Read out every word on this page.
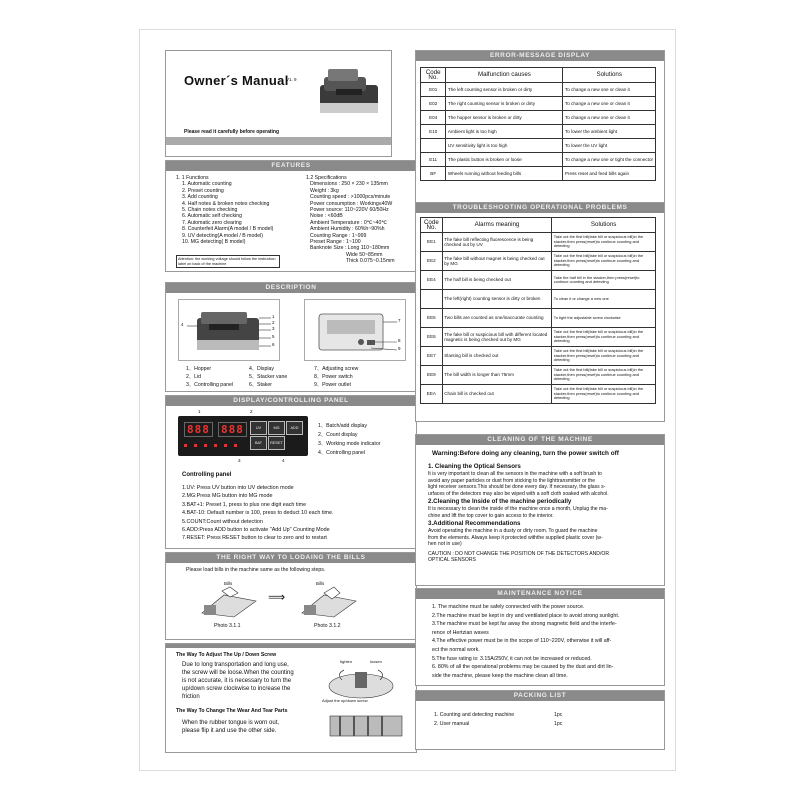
Owner´s Manual
V1. 9
Please read it carefully before operating
FEATURES
1. 1 Functions
1. Automatic counting
2. Preset counting
3. Add counting
4. Half notes & broken notes checking
5. Chain notes checking
6. Automatic self checking
7. Automatic zero clearing
8. Counterfeit Alarm(A model / B model)
9. UV detecting(A model / B model)
10. MG detecting( B model)
Attention: the working voltage should follow the instruction label on back of the machine
1.2 Specifications
Dimensions : 250 × 230 × 135mm
Weight : 3kg
Counting speed : >1000pcs/minute
Power consumption : Working≤40W
Power source: 110~220V 60/50Hz
Noise : <60dB
Ambient Temperature : 0℃~40℃
Ambient Humidity : 60%h~90%h
Counting Range : 1~999
Preset Range : 1~100
Banknote Size : Long 110~180mm
Wide 50~85mm
Thick 0.075~0.15mm
DESCRIPTION
4
1
2
3
5
6
7
8
9
1、Hopper	4、Display
2、Lid	5、Stacker vane
3、Controlling panel	6、Staker
7、Adjusting screw
8、Power switch
9、Power outlet
DISPLAY/CONTROLLING PANEL
888 888	UV	MG	ADD
BAT	RESET
1	2
3	4
1、Batch/add display
2、Count display
3、Working mode indicator
4、Controlling panel
Controlling panel
1.UV: Press UV button into UV detection mode
2.MG:Press MG button into MG mode
3.BAT+1: Preset 1, press to plus one digit each time
4.BAT-10: Default number is 100, press to deduct 10 each time.
5.COUNT:Count without detection
6.ADD:Press ADD button to activate "Add Up" Counting Mode
7.RESET: Press RESET button to clear to zero and to restart
THE RIGHT WAY TO LODAING THE BILLS
Please load bills in the machine same as the following steps.
Bills
⟹
Bills
Photo 3.1.1	Photo 3.1.2
The Way To Adjust The Up / Down Screw
Due to long transportation and long use,
the screw will be loose.When the counting
is not accurate, it is necessary to turn the
up/down screw clockwise to increase the
friction
tighten	loosen
Adjust the up/down screw
The Way To Change The Wear And Tear Parts
When the rubber tongue is worn out,
please flip it and use the other side.
ERROR-MESSAGE DISPLAY
Code No.	Malfunction causes	Solutions
E01	The left counting sensor is broken or dirty	To change a new one or clean it
E02	The right counting sensor is broken or dirty	To change a new one or clean it
E04	The hopper sensor is broken or dirty	To change a new one or clean it
E10	Ambient light is too high	To lower the ambient light
	UV sensitivity light is too high	To lower the UV light
E11	The plastic button is broken or loose	To change a new one or tight the connector
BF	Wheels running without feeding bills	Press reset and feed bills again
TROUBLESHOOTING OPERATIONAL PROBLEMS
Code No.	Alarms meaning	Solutions
EE1	The fake bill reflecting fluorescence is being checked out by UV	Take out the first bill(fake bill or suspicious bill)in the stacker,then press(reset)to continue counting and detecting
EE2	The fake bill without magnet is being checked out by MG	Take out the first bill(fake bill or suspicious bill)in the stacker,then press(reset)to continue counting and detecting
EE4	The half bill is being checked out	Take the half bill in the stacker,then press(reset)to continue counting and detecting
	The left(right) counting sensor is dirty or broken	To clean it or change a new one
EE5	Two bills are counted as one/inaccurate counting	To tight the adjustable screw clockwise
EE6	The fake bill or suspicious bill with different located magnetic is being checked out by MG	Take out the first bill(fake bill or suspicious bill)in the stacker,then press(reset)to continue counting and detecting
EE7	Slanting bill is checked out	Take out the first bill(fake bill or suspicious bill)in the stacker,then press(reset)to continue counting and detecting
EE9	The bill width is longer than 75mm	Take out the first bill(fake bill or suspicious bill)in the stacker,then press(reset)to continue counting and detecting
EEA	Chain bill is checked out	Take out the first bill(fake bill or suspicious bill)in the stacker,then press(reset)to continue counting and detecting
CLEANING OF THE MACHINE
Warning:Before doing any cleaning, turn the power switch off
1. Cleaning the Optical Sensors
It is very important to clean all the sensors in the machine with a soft brush to
avoid any paper particles or dust from sticking to the lighttransmitter or the
light receiver sensors.This should be done every day. If necessary, the glass s-
urfaces of the detectors may also be wiped with a soft cloth soaked with alcohol.
2.Cleaning the Inside of the machine periodically
It is necessary to clean the inside of the machine once a month, Unplug the ma-
chine and lift the top cover to gain access to the interior.
3.Additional Recommendations
Avoid operating the machine in a dusty or dirty room. To guard the machine
from the elements. Always keep it protected withthe supplied plastic cover (w-
hen not in use)
CAUTION : DO NOT CHANGE THE POSITION OF THE DETECTORS AND/OR OPTICAL SENSORS
MAINTENANCE NOTICE
1. The machine must be safely connected with the power source.
2.The machine must be kept in dry and ventilated place to avoid strong sunlight.
3.The machine must be kept far away the strong magnetic field and the interfe-
rence of Hertzian waves
4.The effective power must be in the scope of 110~220V, otherwise it will aff-
ect the normal work.
5.The fuse rating is: 3.15A/250V, it can not be increased or reduced.
6. 80% of all the operational problems may be caused by the dust and dirt lin-
side the machine, please keep the machine clean all time.
PACKING LIST
1. Counting and detecting machine	1pc
2. User manual	1pc
